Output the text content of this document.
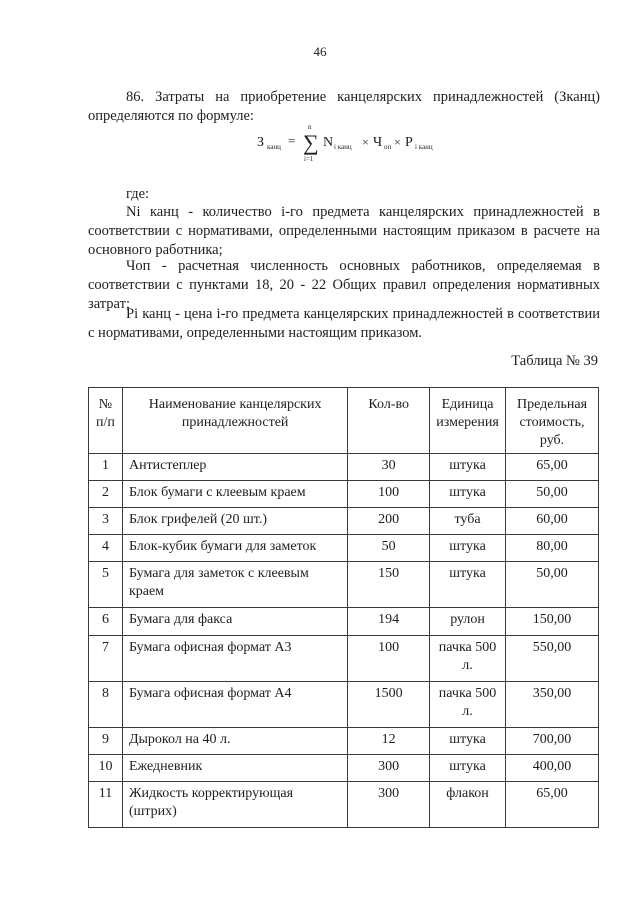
46
86. Затраты на приобретение канцелярских принадлежностей (Зканц) определяются по формуле:
З канц = ∑
n
i=1
N i канц × Ч оп × P i канц
где:
Ni канц - количество i-го предмета канцелярских принадлежностей в соответствии с нормативами, определенными настоящим приказом в расчете на основного работника;
Чоп - расчетная численность основных работников, определяемая в соответствии с пунктами 18, 20 - 22 Общих правил определения нормативных затрат;
Pi канц - цена i-го предмета канцелярских принадлежностей в соответствии с нормативами, определенными настоящим приказом.
Таблица № 39
№ п/п	Наименование канцелярских принадлежностей	Кол-во	Единица измерения	Предельная стоимость, руб.
1	Антистеплер	30	штука	65,00
2	Блок бумаги с клеевым краем	100	штука	50,00
3	Блок грифелей (20 шт.)	200	туба	60,00
4	Блок-кубик бумаги для заметок	50	штука	80,00
5	Бумага для заметок с клеевым краем	150	штука	50,00
6	Бумага для факса	194	рулон	150,00
7	Бумага офисная формат А3	100	пачка 500 л.	550,00
8	Бумага офисная формат А4	1500	пачка 500 л.	350,00
9	Дырокол на 40 л.	12	штука	700,00
10	Ежедневник	300	штука	400,00
11	Жидкость корректирующая (штрих)	300	флакон	65,00
